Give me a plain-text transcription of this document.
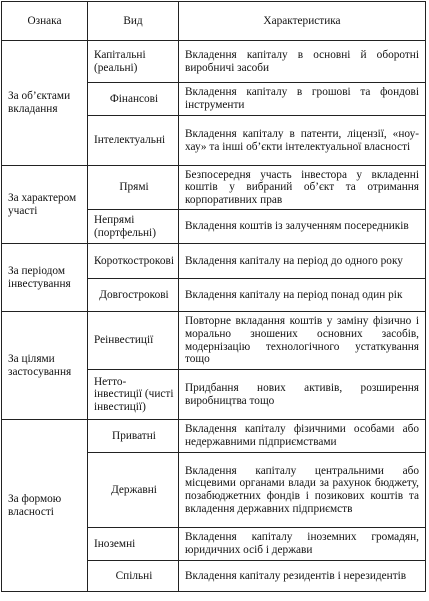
Ознака	Вид	Характеристика
За об’єктами вкладання	Капітальні (реальні)	Вкладення капіталу в основні й оборотні виробничі засоби
	Фінансові	Вкладення капіталу в грошові та фондові інструменти
	Інтелектуальні	Вкладення капіталу в патенти, ліцензії, «ноу-хау» та інші об’єкти інтелектуальної власності
За характером участі	Прямі	Безпосередня участь інвестора у вкладенні коштів у вибраний об’єкт та отримання корпоративних прав
	Непрямі (портфельні)	Вкладення коштів із залученням посередників
За періодом інвестування	Короткострокові	Вкладення капіталу на період до одного року
	Довгострокові	Вкладення капіталу на період понад один рік
За цілями застосування	Реінвестиції	Повторне вкладання коштів у заміну фізично і морально зношених основних засобів, модернізацію технологічного устаткування тощо
	Нетто-інвестиції (чисті інвестиції)	Придбання нових активів, розширення виробництва тощо
За формою власності	Приватні	Вкладення капіталу фізичними особами або недержавними підприємствами
	Державні	Вкладення капіталу центральними або місцевими органами влади за рахунок бюджету, позабюджетних фондів і позикових коштів та вкладення державних підприємств
	Іноземні	Вкладення капіталу іноземних громадян, юридичних осіб і держави
	Спільні	Вкладення капіталу резидентів і нерезидентів
